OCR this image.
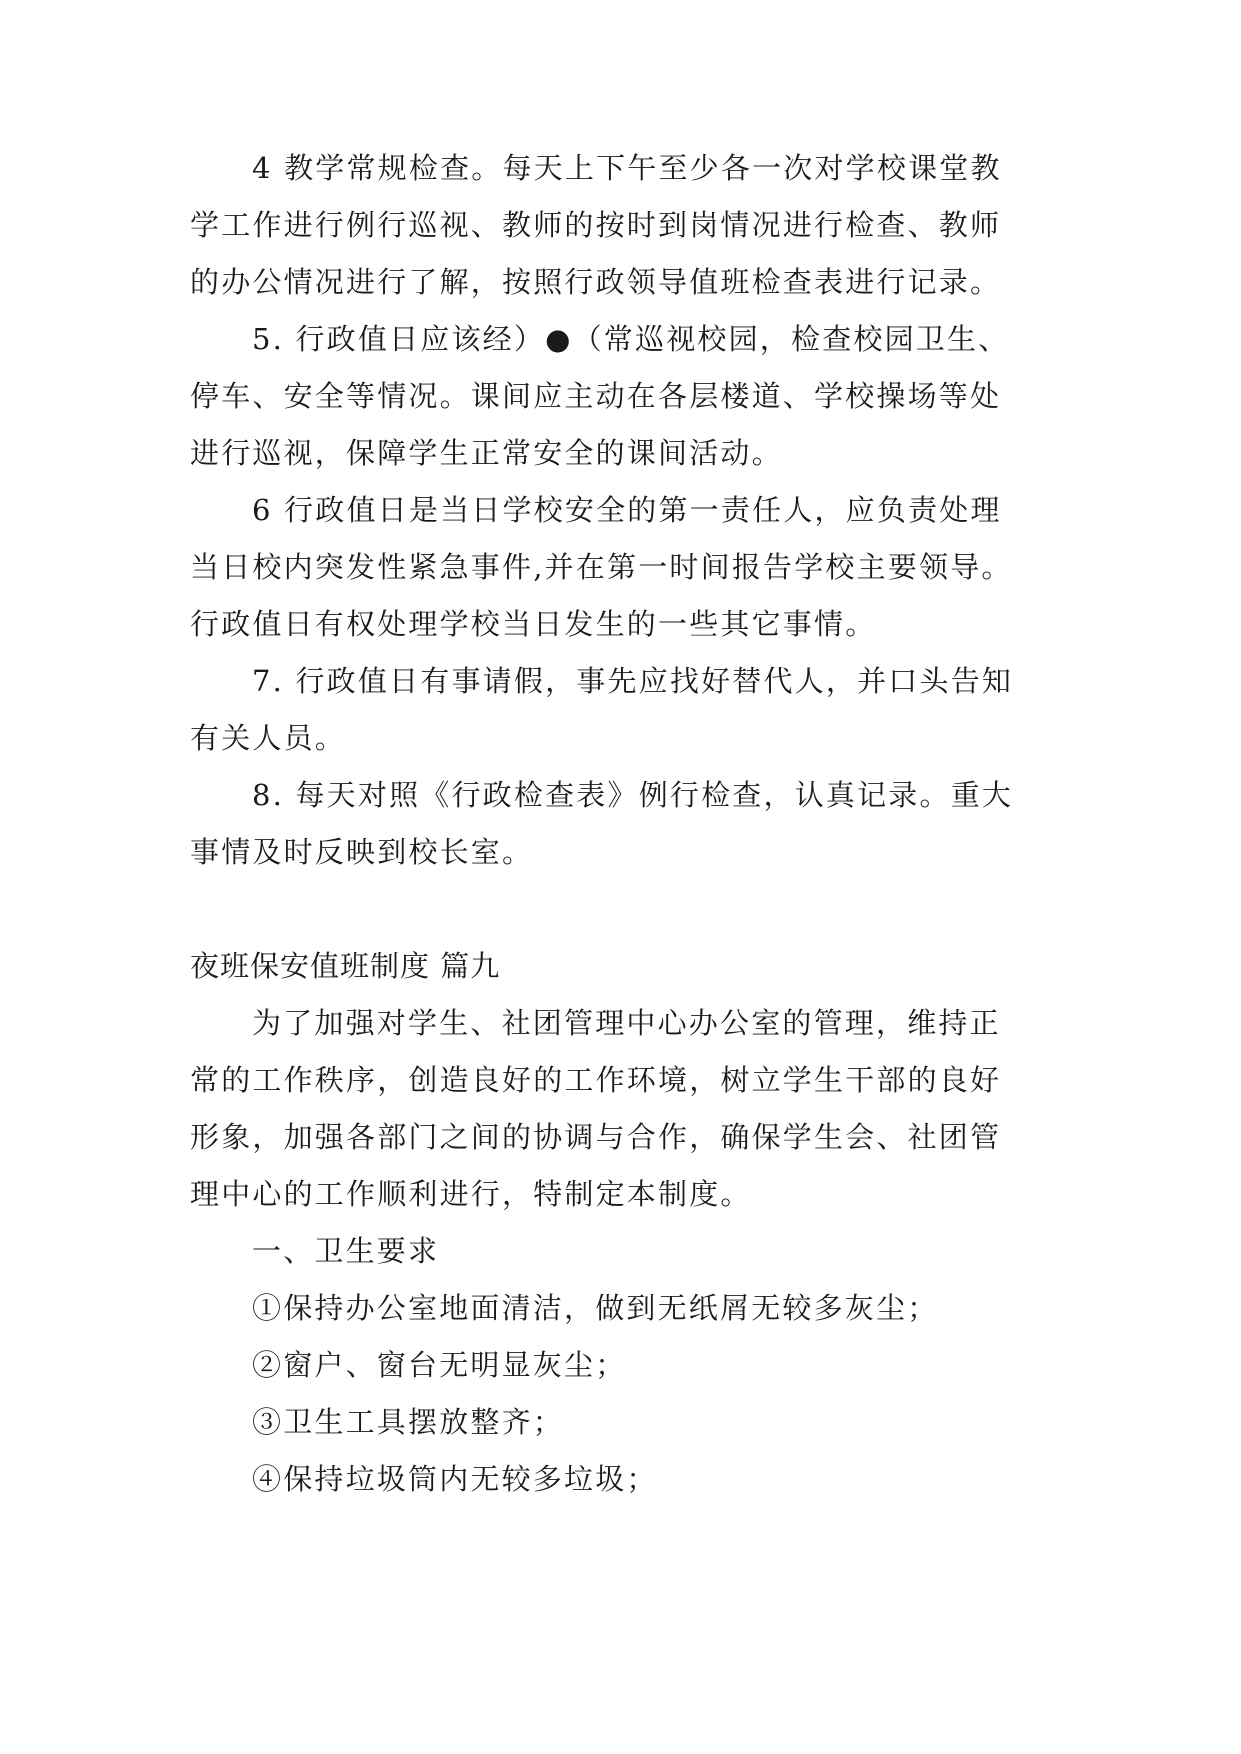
4 教学常规检查。每天上下午至少各一次对学校课堂教
学工作进行例行巡视、教师的按时到岗情况进行检查、教师
的办公情况进行了解，按照行政领导值班检查表进行记录。
5. 行政值日应该经）●（常巡视校园，检查校园卫生、
停车、安全等情况。课间应主动在各层楼道、学校操场等处
进行巡视，保障学生正常安全的课间活动。
6 行政值日是当日学校安全的第一责任人，应负责处理
当日校内突发性紧急事件,并在第一时间报告学校主要领导。
行政值日有权处理学校当日发生的一些其它事情。
7. 行政值日有事请假，事先应找好替代人，并口头告知
有关人员。
8. 每天对照《行政检查表》例行检查，认真记录。重大
事情及时反映到校长室。
夜班保安值班制度 篇九
为了加强对学生、社团管理中心办公室的管理，维持正
常的工作秩序，创造良好的工作环境，树立学生干部的良好
形象，加强各部门之间的协调与合作，确保学生会、社团管
理中心的工作顺利进行，特制定本制度。
一、卫生要求
①保持办公室地面清洁，做到无纸屑无较多灰尘；
②窗户、窗台无明显灰尘；
③卫生工具摆放整齐；
④保持垃圾筒内无较多垃圾；
